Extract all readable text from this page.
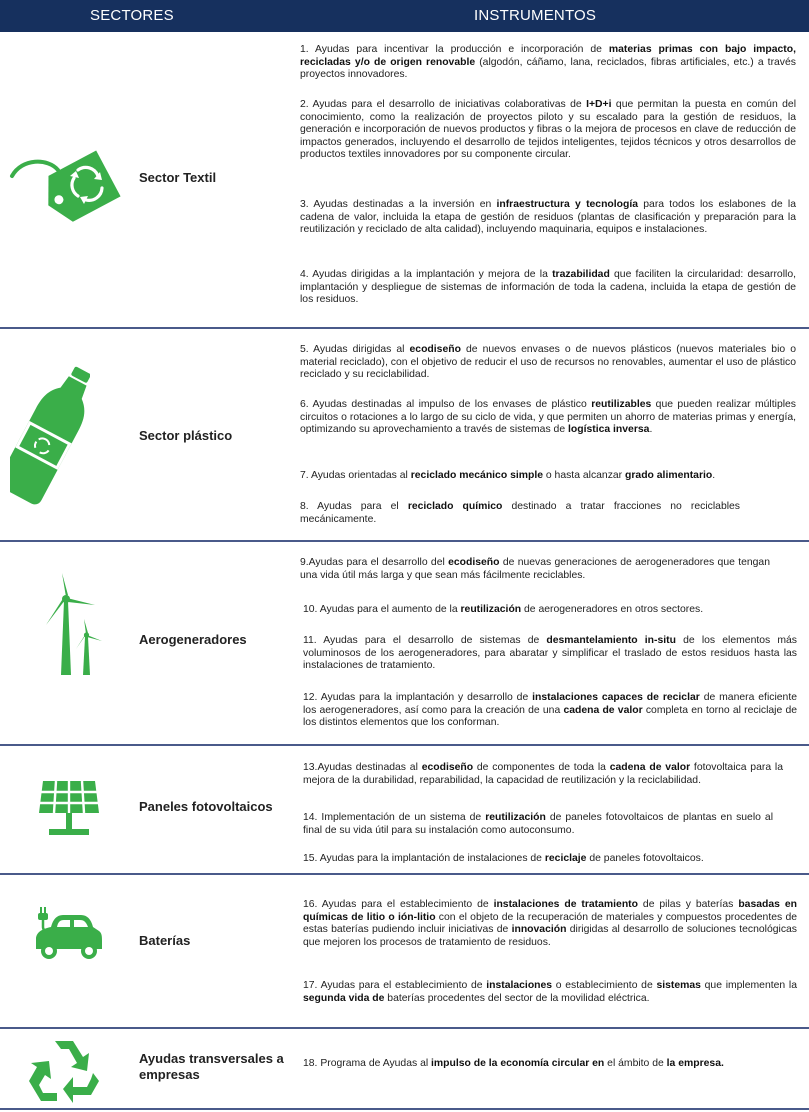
SECTORES	INSTRUMENTOS
Sector Textil
Sector plástico
Aerogeneradores
Paneles fotovoltaicos
Baterías
Ayudas transversales a empresas
1. Ayudas para incentivar la producción e incorporación de materias primas con bajo impacto, recicladas y/o de origen renovable (algodón, cáñamo, lana, reciclados, fibras artificiales, etc.) a través proyectos innovadores.
2. Ayudas para el desarrollo de iniciativas colaborativas de I+D+i que permitan la puesta en común del conocimiento, como la realización de proyectos piloto y su escalado para la gestión de residuos, la generación e incorporación de nuevos productos y fibras o la mejora de procesos en clave de reducción de impactos generados, incluyendo el desarrollo de tejidos inteligentes, tejidos técnicos y otros desarrollos de productos textiles innovadores por su componente circular.
3. Ayudas destinadas a la inversión en infraestructura y tecnología para todos los eslabones de la cadena de valor, incluida la etapa de gestión de residuos (plantas de clasificación y preparación para la reutilización y reciclado de alta calidad), incluyendo maquinaria, equipos e instalaciones.
4. Ayudas dirigidas a la implantación y mejora de la trazabilidad que faciliten la circularidad: desarrollo, implantación y despliegue de sistemas de información de toda la cadena, incluida la etapa de gestión de los residuos.
5. Ayudas dirigidas al ecodiseño de nuevos envases o de nuevos plásticos (nuevos materiales bio o material reciclado), con el objetivo de reducir el uso de recursos no renovables, aumentar el uso de plástico reciclado y su reciclabilidad.
6. Ayudas destinadas al impulso de los envases de plástico reutilizables que pueden realizar múltiples circuitos o rotaciones a lo largo de su ciclo de vida, y que permiten un ahorro de materias primas y energía, optimizando su aprovechamiento a través de sistemas de logística inversa.
7. Ayudas orientadas al reciclado mecánico simple o hasta alcanzar grado alimentario.
8. Ayudas para el reciclado químico destinado a tratar fracciones no reciclables mecánicamente.
9.Ayudas para el desarrollo del ecodiseño de nuevas generaciones de aerogeneradores que tengan una vida útil más larga y que sean más fácilmente reciclables.
10. Ayudas para el aumento de la reutilización de aerogeneradores en otros sectores.
11. Ayudas para el desarrollo de sistemas de desmantelamiento in-situ de los elementos más voluminosos de los aerogeneradores, para abaratar y simplificar el traslado de estos residuos hasta las instalaciones de tratamiento.
12. Ayudas para la implantación y desarrollo de instalaciones capaces de reciclar de manera eficiente los aerogeneradores, así como para la creación de una cadena de valor completa en torno al reciclaje de los distintos elementos que los conforman.
13.Ayudas destinadas al ecodiseño de componentes de toda la cadena de valor fotovoltaica para la mejora de la durabilidad, reparabilidad, la capacidad de reutilización y la reciclabilidad.
14. Implementación de un sistema de reutilización de paneles fotovoltaicos de plantas en suelo al final de su vida útil para su instalación como autoconsumo.
15. Ayudas para la implantación de instalaciones de reciclaje de paneles fotovoltaicos.
16. Ayudas para el establecimiento de instalaciones de tratamiento de pilas y baterías basadas en químicas de litio o ión-litio con el objeto de la recuperación de materiales y compuestos procedentes de estas baterías pudiendo incluir iniciativas de innovación dirigidas al desarrollo de soluciones tecnológicas que mejoren los procesos de tratamiento de residuos.
17. Ayudas para el establecimiento de instalaciones o establecimiento de sistemas que implementen la segunda vida de baterías procedentes del sector de la movilidad eléctrica.
18. Programa de Ayudas al impulso de la economía circular en el ámbito de la empresa.
